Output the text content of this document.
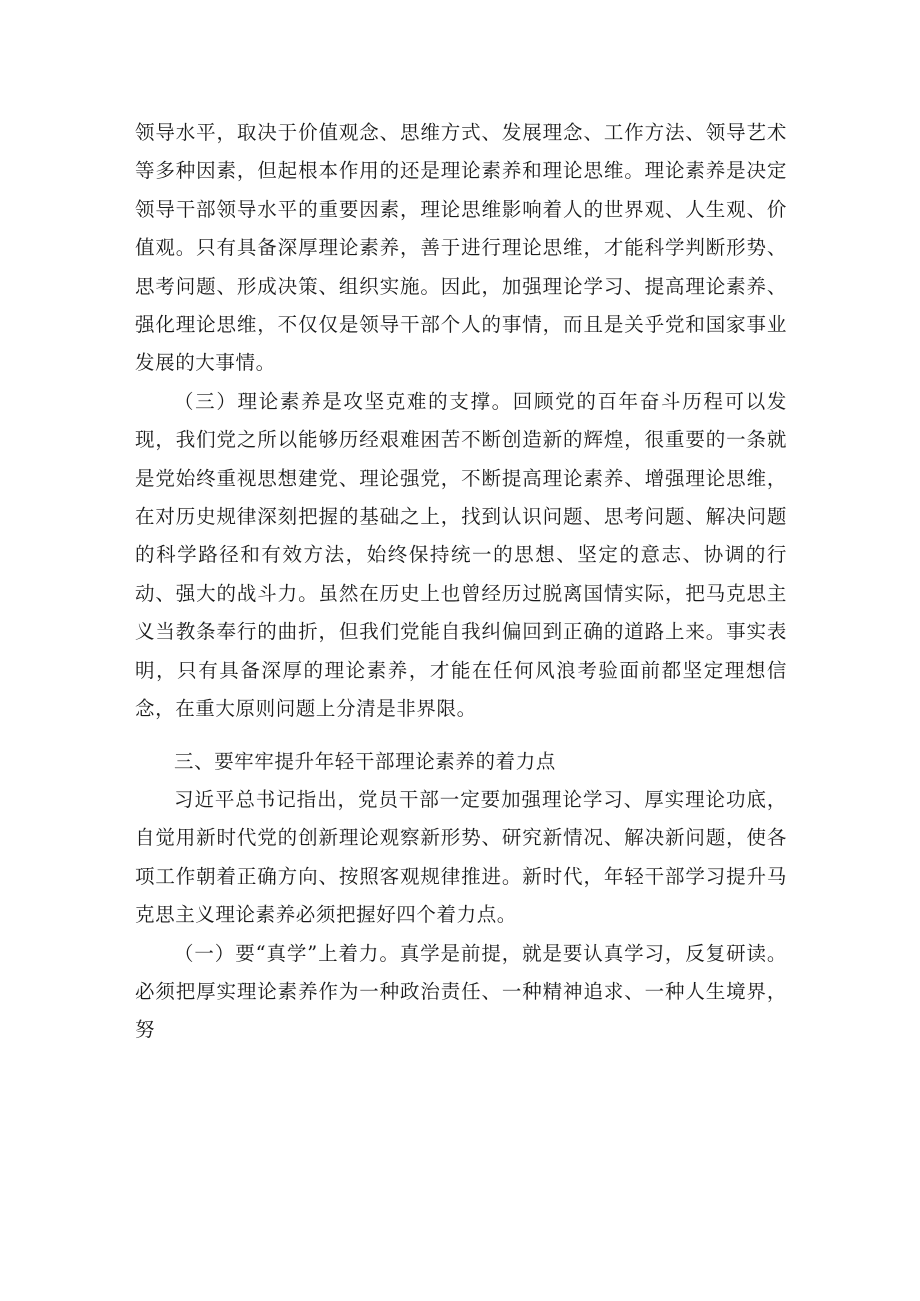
领导水平，取决于价值观念、思维方式、发展理念、工作方法、领导艺术等多种因素，但起根本作用的还是理论素养和理论思维。理论素养是决定领导干部领导水平的重要因素，理论思维影响着人的世界观、人生观、价值观。只有具备深厚理论素养，善于进行理论思维，才能科学判断形势、思考问题、形成决策、组织实施。因此，加强理论学习、提高理论素养、强化理论思维，不仅仅是领导干部个人的事情，而且是关乎党和国家事业发展的大事情。

（三）理论素养是攻坚克难的支撑。回顾党的百年奋斗历程可以发现，我们党之所以能够历经艰难困苦不断创造新的辉煌，很重要的一条就是党始终重视思想建党、理论强党，不断提高理论素养、增强理论思维，在对历史规律深刻把握的基础之上，找到认识问题、思考问题、解决问题的科学路径和有效方法，始终保持统一的思想、坚定的意志、协调的行动、强大的战斗力。虽然在历史上也曾经历过脱离国情实际，把马克思主义当教条奉行的曲折，但我们党能自我纠偏回到正确的道路上来。事实表明，只有具备深厚的理论素养，才能在任何风浪考验面前都坚定理想信念，在重大原则问题上分清是非界限。

三、要牢牢提升年轻干部理论素养的着力点

习近平总书记指出，党员干部一定要加强理论学习、厚实理论功底，自觉用新时代党的创新理论观察新形势、研究新情况、解决新问题，使各项工作朝着正确方向、按照客观规律推进。新时代，年轻干部学习提升马克思主义理论素养必须把握好四个着力点。

（一）要“真学”上着力。真学是前提，就是要认真学习，反复研读。必须把厚实理论素养作为一种政治责任、一种精神追求、一种人生境界，努
